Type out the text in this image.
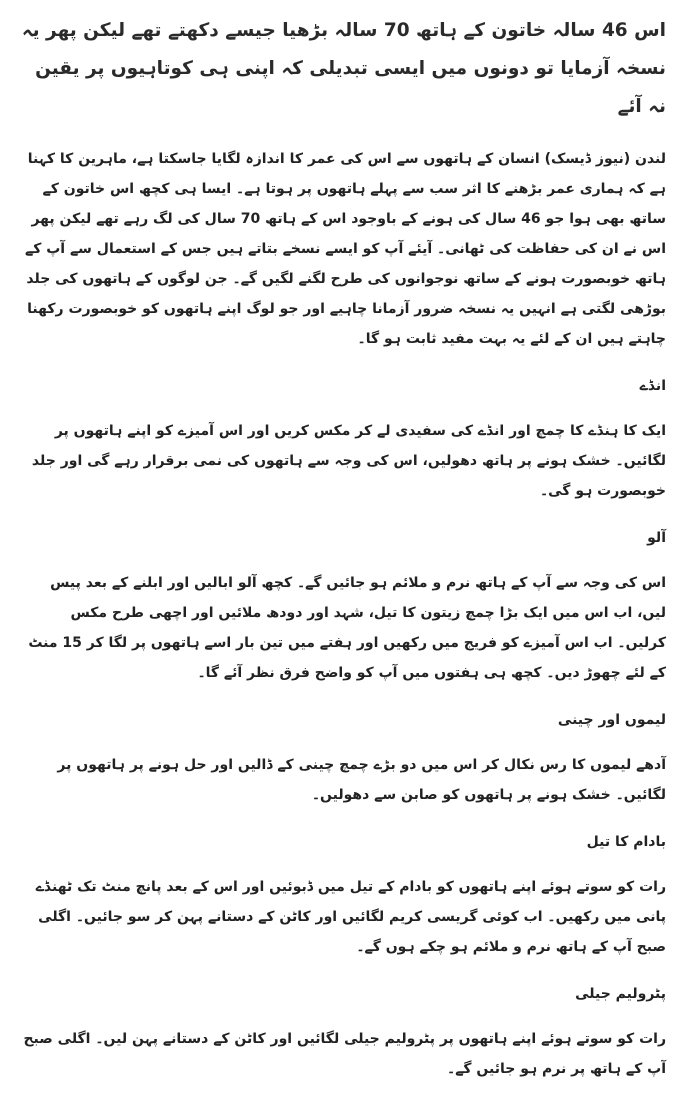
اس 46 سالہ خاتون کے ہاتھ 70 سالہ بڑھیا جیسے دکھتے تھے لیکن پھر یہ نسخہ آزمایا تو دونوں میں ایسی تبدیلی کہ اپنی ہی کوتاہیوں پر یقین نہ آئے
لندن (نیوز ڈیسک) انسان کے ہاتھوں سے اس کی عمر کا اندازہ لگایا جاسکتا ہے، ماہرین کا کہنا ہے کہ ہماری عمر بڑھنے کا اثر سب سے پہلے ہاتھوں پر ہوتا ہے۔ ایسا ہی کچھ اس خاتون کے ساتھ بھی ہوا جو 46 سال کی ہونے کے باوجود اس کے ہاتھ 70 سال کی لگ رہے تھے لیکن پھر اس نے ان کی حفاظت کی ٹھانی۔ آیئے آپ کو ایسے نسخے بتاتے ہیں جس کے استعمال سے آپ کے ہاتھ خوبصورت ہونے کے ساتھ نوجوانوں کی طرح لگنے لگیں گے۔ جن لوگوں کے ہاتھوں کی جلد بوڑھی لگتی ہے انہیں یہ نسخہ ضرور آزمانا چاہیے اور جو لوگ اپنے ہاتھوں کو خوبصورت رکھنا چاہتے ہیں ان کے لئے یہ بہت مفید ثابت ہو گا۔
انڈے
ایک کا ہنڈے کا چمچ اور انڈے کی سفیدی لے کر مکس کریں اور اس آمیزے کو اپنے ہاتھوں پر لگائیں۔ خشک ہونے پر ہاتھ دھولیں، اس کی وجہ سے ہاتھوں کی نمی برقرار رہے گی اور جلد خوبصورت ہو گی۔
آلو
اس کی وجہ سے آپ کے ہاتھ نرم و ملائم ہو جائیں گے۔ کچھ آلو ابالیں اور ابلنے کے بعد پیس لیں، اب اس میں ایک بڑا چمچ زیتون کا تیل، شہد اور دودھ ملائیں اور اچھی طرح مکس کرلیں۔ اب اس آمیزے کو فریج میں رکھیں اور ہفتے میں تین بار اسے ہاتھوں پر لگا کر 15 منٹ کے لئے چھوڑ دیں۔ کچھ ہی ہفتوں میں آپ کو واضح فرق نظر آئے گا۔
لیموں اور چینی
آدھے لیموں کا رس نکال کر اس میں دو بڑے چمچ چینی کے ڈالیں اور حل ہونے پر ہاتھوں پر لگائیں۔ خشک ہونے پر ہاتھوں کو صابن سے دھولیں۔
بادام کا تیل
رات کو سوتے ہوئے اپنے ہاتھوں کو بادام کے تیل میں ڈبوئیں اور اس کے بعد پانچ منٹ تک ٹھنڈے پانی میں رکھیں۔ اب کوئی گریسی کریم لگائیں اور کاٹن کے دستانے پہن کر سو جائیں۔ اگلی صبح آپ کے ہاتھ نرم و ملائم ہو چکے ہوں گے۔
پٹرولیم جیلی
رات کو سوتے ہوئے اپنے ہاتھوں پر پٹرولیم جیلی لگائیں اور کاٹن کے دستانے پہن لیں۔ اگلی صبح آپ کے ہاتھ پر نرم ہو جائیں گے۔
